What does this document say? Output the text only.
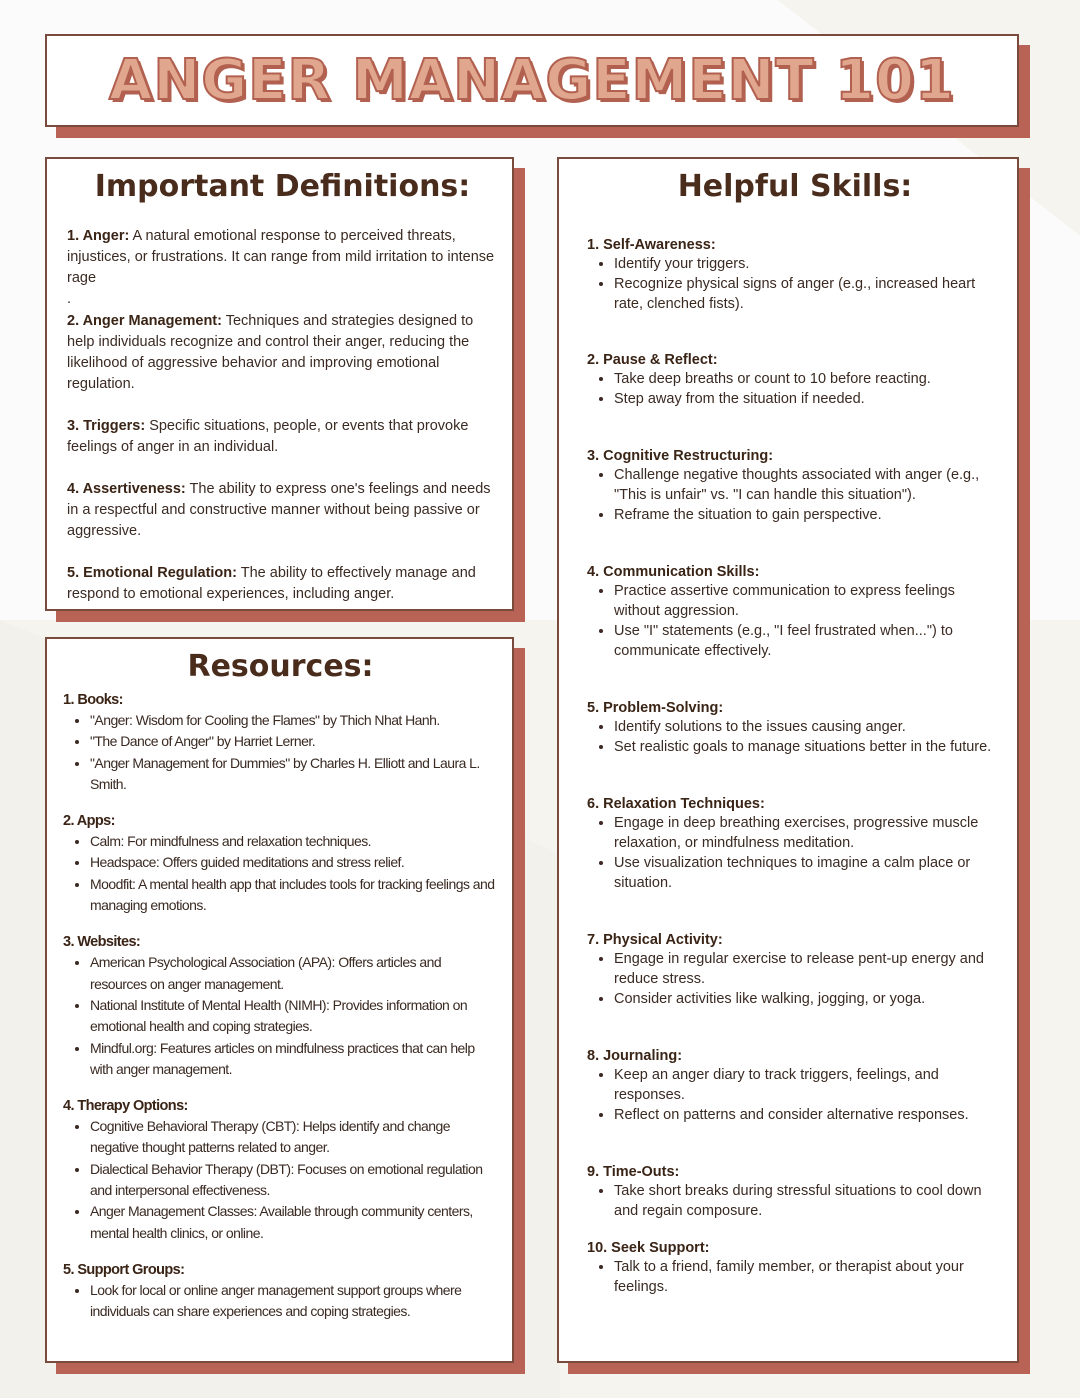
ANGER MANAGEMENT 101
Important Definitions:

1. Anger: A natural emotional response to perceived threats, injustices, or frustrations. It can range from mild irritation to intense rage

.

2. Anger Management: Techniques and strategies designed to help individuals recognize and control their anger, reducing the likelihood of aggressive behavior and improving emotional regulation.

3. Triggers: Specific situations, people, or events that provoke feelings of anger in an individual.

4. Assertiveness: The ability to express one's feelings and needs in a respectful and constructive manner without being passive or aggressive.

5. Emotional Regulation: The ability to effectively manage and respond to emotional experiences, including anger.

Resources:

1. Books:

• "Anger: Wisdom for Cooling the Flames" by Thich Nhat Hanh.
• "The Dance of Anger" by Harriet Lerner.
• "Anger Management for Dummies" by Charles H. Elliott and Laura L. Smith.

2. Apps:

• Calm: For mindfulness and relaxation techniques.
• Headspace: Offers guided meditations and stress relief.
• Moodfit: A mental health app that includes tools for tracking feelings and managing emotions.

3. Websites:

• American Psychological Association (APA): Offers articles and resources on anger management.
• National Institute of Mental Health (NIMH): Provides information on emotional health and coping strategies.
• Mindful.org: Features articles on mindfulness practices that can help with anger management.

4. Therapy Options:

• Cognitive Behavioral Therapy (CBT): Helps identify and change negative thought patterns related to anger.
• Dialectical Behavior Therapy (DBT): Focuses on emotional regulation and interpersonal effectiveness.
• Anger Management Classes: Available through community centers, mental health clinics, or online.

5. Support Groups:

• Look for local or online anger management support groups where individuals can share experiences and coping strategies.
Helpful Skills:

1. Self-Awareness:

• Identify your triggers.
• Recognize physical signs of anger (e.g., increased heart rate, clenched fists).

2. Pause & Reflect:

• Take deep breaths or count to 10 before reacting.
• Step away from the situation if needed.

3. Cognitive Restructuring:

• Challenge negative thoughts associated with anger (e.g., "This is unfair" vs. "I can handle this situation").
• Reframe the situation to gain perspective.

4. Communication Skills:

• Practice assertive communication to express feelings without aggression.
• Use "I" statements (e.g., "I feel frustrated when...") to communicate effectively.

5. Problem-Solving:

• Identify solutions to the issues causing anger.
• Set realistic goals to manage situations better in the future.

6. Relaxation Techniques:

• Engage in deep breathing exercises, progressive muscle relaxation, or mindfulness meditation.
• Use visualization techniques to imagine a calm place or situation.

7. Physical Activity:

• Engage in regular exercise to release pent-up energy and reduce stress.
• Consider activities like walking, jogging, or yoga.

8. Journaling:

• Keep an anger diary to track triggers, feelings, and responses.
• Reflect on patterns and consider alternative responses.

9. Time-Outs:

• Take short breaks during stressful situations to cool down and regain composure.

10. Seek Support:

• Talk to a friend, family member, or therapist about your feelings.
